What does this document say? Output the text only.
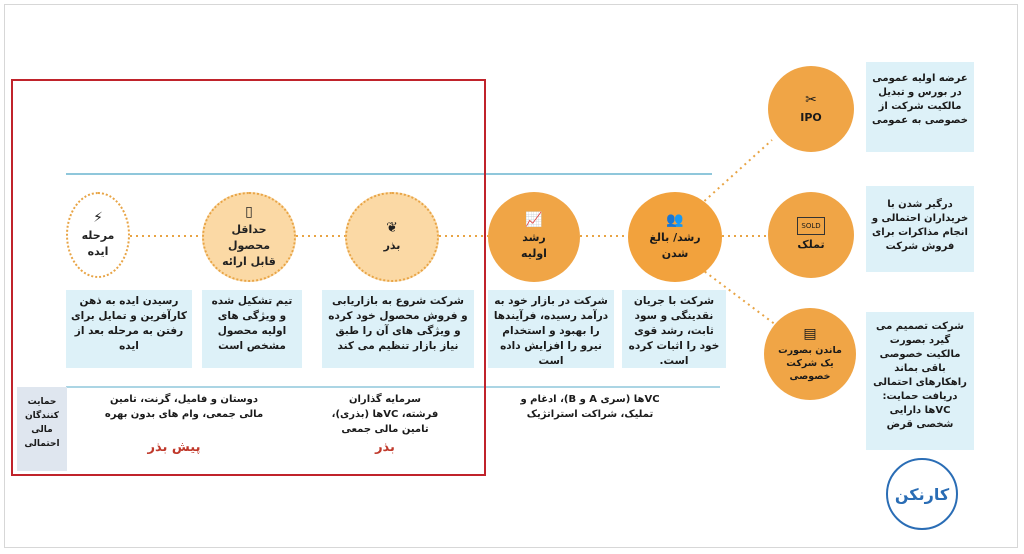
⚡
مرحله ایده
▯
حداقل محصول قابل ارائه
❦
بذر
📈
رشد اولیه
👥
رشد/ بالغ شدن
رسیدن ایده به ذهن کارآفرین و تمایل برای رفتن به مرحله بعد از ایده
تیم تشکیل شده و ویژگی های اولیه محصول مشخص است
شرکت شروع به بازاریابی و فروش محصول خود کرده و ویژگی های آن را طبق نیاز بازار تنظیم می کند
شرکت در بازار خود به درآمد رسیده، فرآیندها را بهبود و استخدام نیرو را افزایش داده است
شرکت با جریان نقدینگی و سود ثابت، رشد قوی خود را اثبات کرده است.
حمایت کنندگان مالی احتمالی
دوستان و فامیل، گرنت، تامین مالی جمعی، وام های بدون بهره
سرمایه گذاران فرشته، VCها (بذری)، تامین مالی جمعی
VCها (سری A و B)، ادغام و تملیک، شراکت استراتژیک
پیش بذر	بذر
✂
IPO
SOLD
تملک
▤
ماندن بصورت یک شرکت خصوصی
عرضه اولیه عمومی در بورس و تبدیل مالکیت شرکت از خصوصی به عمومی
درگیر شدن با خریداران احتمالی و انجام مذاکرات برای فروش شرکت
شرکت تصمیم می گیرد بصورت مالکیت خصوصی باقی بماند راهکارهای احتمالی دریافت حمایت: VCها دارایی شخصی قرض
کارنکن
